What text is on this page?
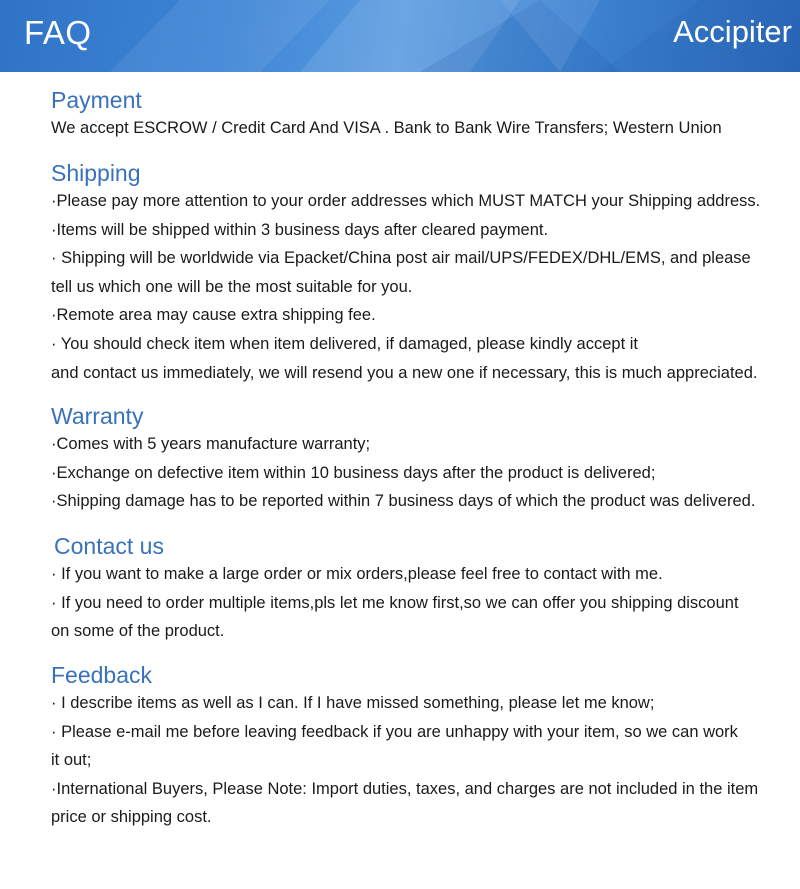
FAQ	Accipiter
Payment
We accept ESCROW / Credit Card And VISA . Bank to Bank Wire Transfers; Western Union
Shipping
·Please pay more attention to your order addresses which MUST MATCH your Shipping address.
·Items will be shipped within 3 business days after cleared payment.
· Shipping will be worldwide via Epacket/China post air mail/UPS/FEDEX/DHL/EMS, and please
tell us which one will be the most suitable for you.
·Remote area may cause extra shipping fee.
· You should check item when item delivered, if damaged, please kindly accept it
and contact us immediately, we will resend you a new one if necessary, this is much appreciated.
Warranty
·Comes with 5 years manufacture warranty;
·Exchange on defective item within 10 business days after the product is delivered;
·Shipping damage has to be reported within 7 business days of which the product was delivered.
Contact us
· If you want to make a large order or mix orders,please feel free to contact with me.
· If you need to order multiple items,pls let me know first,so we can offer you shipping discount
on some of the product.
Feedback
· I describe items as well as I can. If I have missed something, please let me know;
· Please e-mail me before leaving feedback if you are unhappy with your item, so we can work
it out;
·International Buyers, Please Note: Import duties, taxes, and charges are not included in the item
price or shipping cost.
